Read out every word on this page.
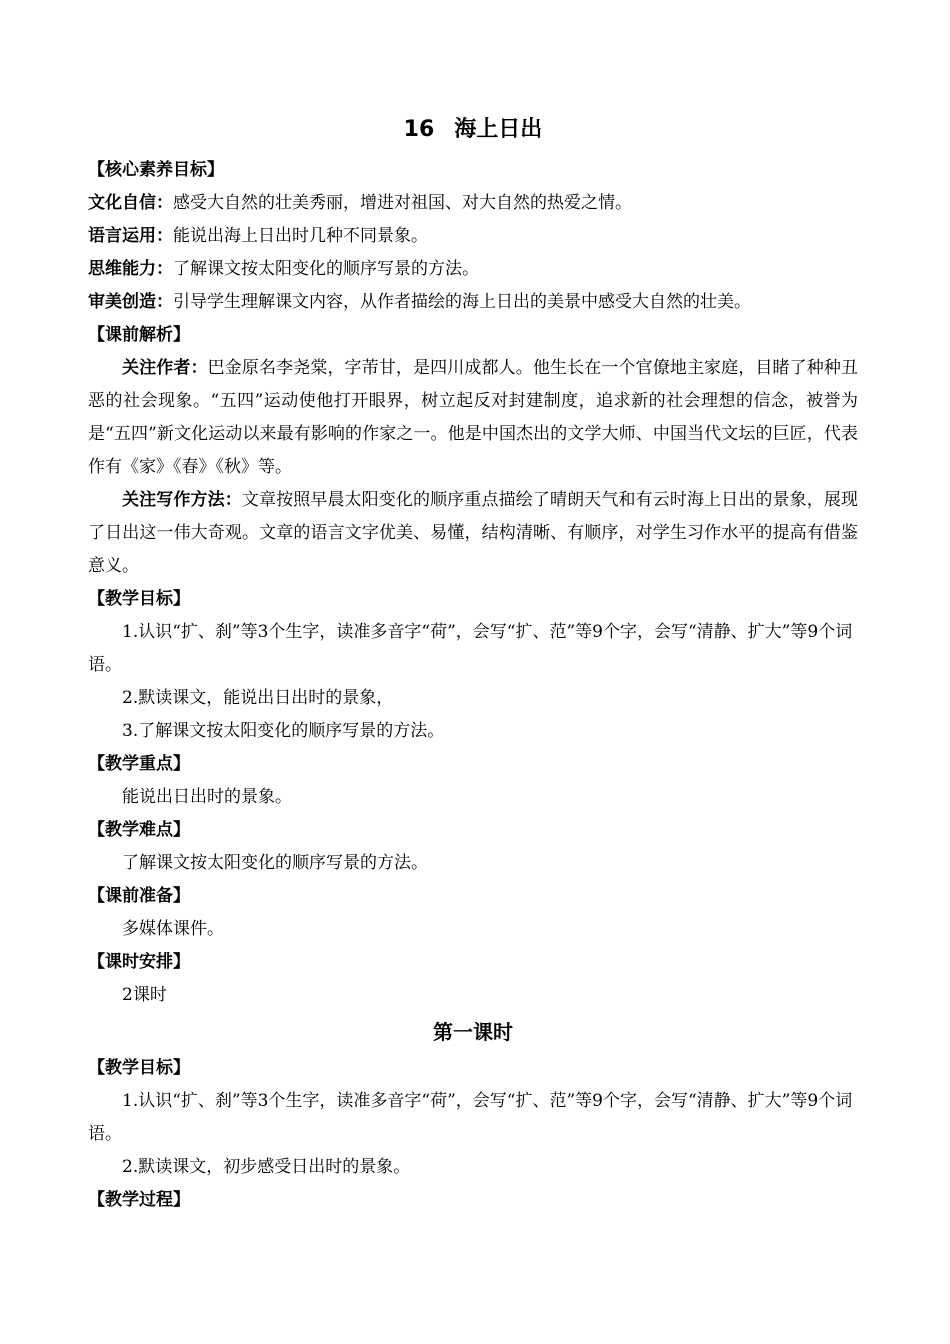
16 海上日出
【核心素养目标】
文化自信：感受大自然的壮美秀丽，增进对祖国、对大自然的热爱之情。
语言运用：能说出海上日出时几种不同景象。
思维能力：了解课文按太阳变化的顺序写景的方法。
审美创造：引导学生理解课文内容，从作者描绘的海上日出的美景中感受大自然的壮美。
【课前解析】
关注作者：巴金原名李尧棠，字芾甘，是四川成都人。他生长在一个官僚地主家庭，目睹了种种丑恶的社会现象。“五四”运动使他打开眼界，树立起反对封建制度，追求新的社会理想的信念，被誉为是“五四”新文化运动以来最有影响的作家之一。他是中国杰出的文学大师、中国当代文坛的巨匠，代表作有《家》《春》《秋》等。
关注写作方法：文章按照早晨太阳变化的顺序重点描绘了晴朗天气和有云时海上日出的景象，展现了日出这一伟大奇观。文章的语言文字优美、易懂，结构清晰、有顺序，对学生习作水平的提高有借鉴意义。
【教学目标】
1.认识“扩、刹”等3个生字，读准多音字“荷”，会写“扩、范”等9个字，会写“清静、扩大”等9个词语。
2.默读课文，能说出日出时的景象，
3.了解课文按太阳变化的顺序写景的方法。
【教学重点】
能说出日出时的景象。
【教学难点】
了解课文按太阳变化的顺序写景的方法。
【课前准备】
多媒体课件。
【课时安排】
2课时
第一课时
【教学目标】
1.认识“扩、刹”等3个生字，读准多音字“荷”，会写“扩、范”等9个字，会写“清静、扩大”等9个词语。
2.默读课文，初步感受日出时的景象。
【教学过程】
